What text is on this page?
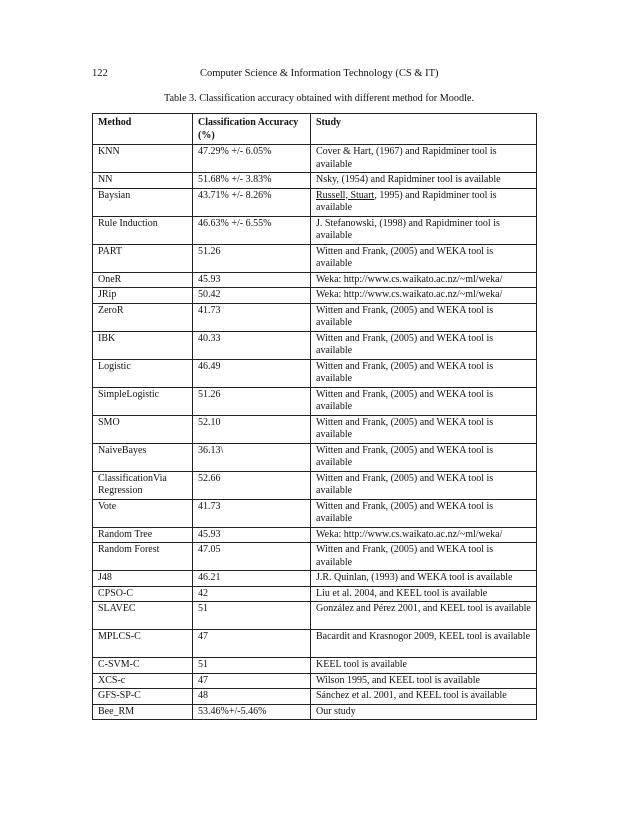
122	Computer Science & Information Technology (CS & IT)
Table 3. Classification accuracy obtained with different method for Moodle.
Method	Classification Accuracy (%)	Study
KNN	47.29% +/- 6.05%	Cover & Hart, (1967) and Rapidminer tool is available
NN	51.68% +/- 3.83%	Nsky, (1954) and Rapidminer tool is available
Baysian	43.71% +/- 8.26%	Russell, Stuart, 1995) and Rapidminer tool is available
Rule Induction	46.63% +/- 6.55%	J. Stefanowski, (1998) and Rapidminer tool is available
PART	51.26	Witten and Frank, (2005) and WEKA tool is available
OneR	45.93	Weka: http://www.cs.waikato.ac.nz/~ml/weka/
JRip	50.42	Weka: http://www.cs.waikato.ac.nz/~ml/weka/
ZeroR	41.73	Witten and Frank, (2005) and WEKA tool is available
IBK	40.33	Witten and Frank, (2005) and WEKA tool is available
Logistic	46.49	Witten and Frank, (2005) and WEKA tool is available
SimpleLogistic	51.26	Witten and Frank, (2005) and WEKA tool is available
SMO	52.10	Witten and Frank, (2005) and WEKA tool is available
NaiveBayes	36.13\	Witten and Frank, (2005) and WEKA tool is available
ClassificationVia Regression	52.66	Witten and Frank, (2005) and WEKA tool is available
Vote	41.73	Witten and Frank, (2005) and WEKA tool is available
Random Tree	45.93	Weka: http://www.cs.waikato.ac.nz/~ml/weka/
Random Forest	47.05	Witten and Frank, (2005) and WEKA tool is available
J48	46.21	J.R. Quinlan, (1993) and WEKA tool is available
CPSO-C	42	Liu et al. 2004, and KEEL tool is available
SLAVEC	51	González and Pérez 2001, and KEEL tool is available
MPLCS-C	47	Bacardit and Krasnogor 2009, KEEL tool is available
C-SVM-C	51	KEEL tool is available
XCS-c	47	Wilson 1995, and KEEL tool is available
GFS-SP-C	48	Sánchez et al. 2001, and KEEL tool is available
Bee_RM	53.46%+/-5.46%	Our study
